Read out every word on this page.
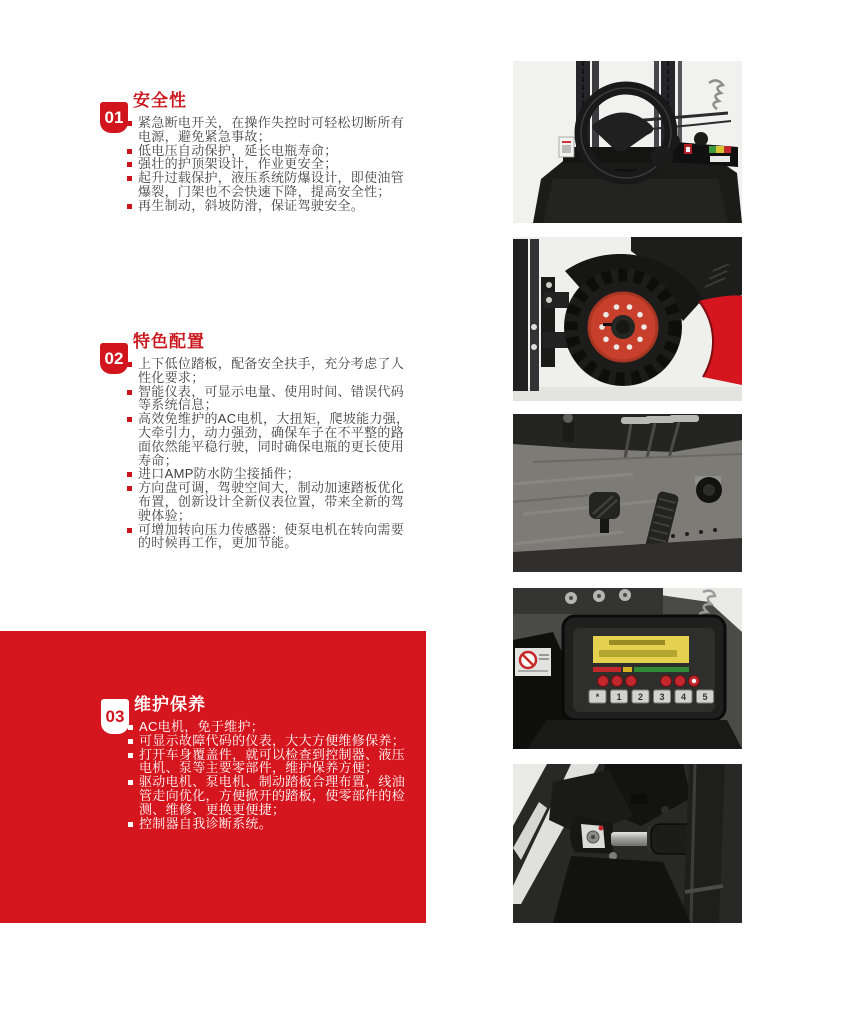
01
安全性
紧急断电开关，在操作失控时可轻松切断所有电源，避免紧急事故；
低电压自动保护，延长电瓶寿命；
强壮的护顶架设计，作业更安全；
起升过载保护，液压系统防爆设计，即使油管爆裂，门架也不会快速下降，提高安全性；
再生制动，斜坡防滑，保证驾驶安全。
02
特色配置
上下低位踏板，配备安全扶手，充分考虑了人性化要求；
智能仪表，可显示电量、使用时间、错误代码等系统信息；
高效免维护的AC电机，大扭矩，爬坡能力强，大牵引力，动力强劲，确保车子在不平整的路面依然能平稳行驶，同时确保电瓶的更长使用寿命；
进口AMP防水防尘接插件；
方向盘可调，驾驶空间大，制动加速踏板优化布置，创新设计全新仪表位置，带来全新的驾驶体验；
可增加转向压力传感器：使泵电机在转向需要的时候再工作，更加节能。
03
维护保养
AC电机，免于维护；
可显示故障代码的仪表，大大方便维修保养；
打开车身覆盖件，就可以检查到控制器、液压电机、泵等主要零部件，维护保养方便；
驱动电机、泵电机、制动踏板合理布置，线油管走向优化，方便掀开的踏板，使零部件的检测、维修、更换更便捷；
控制器自我诊断系统。
* 1 2 3 4 5
